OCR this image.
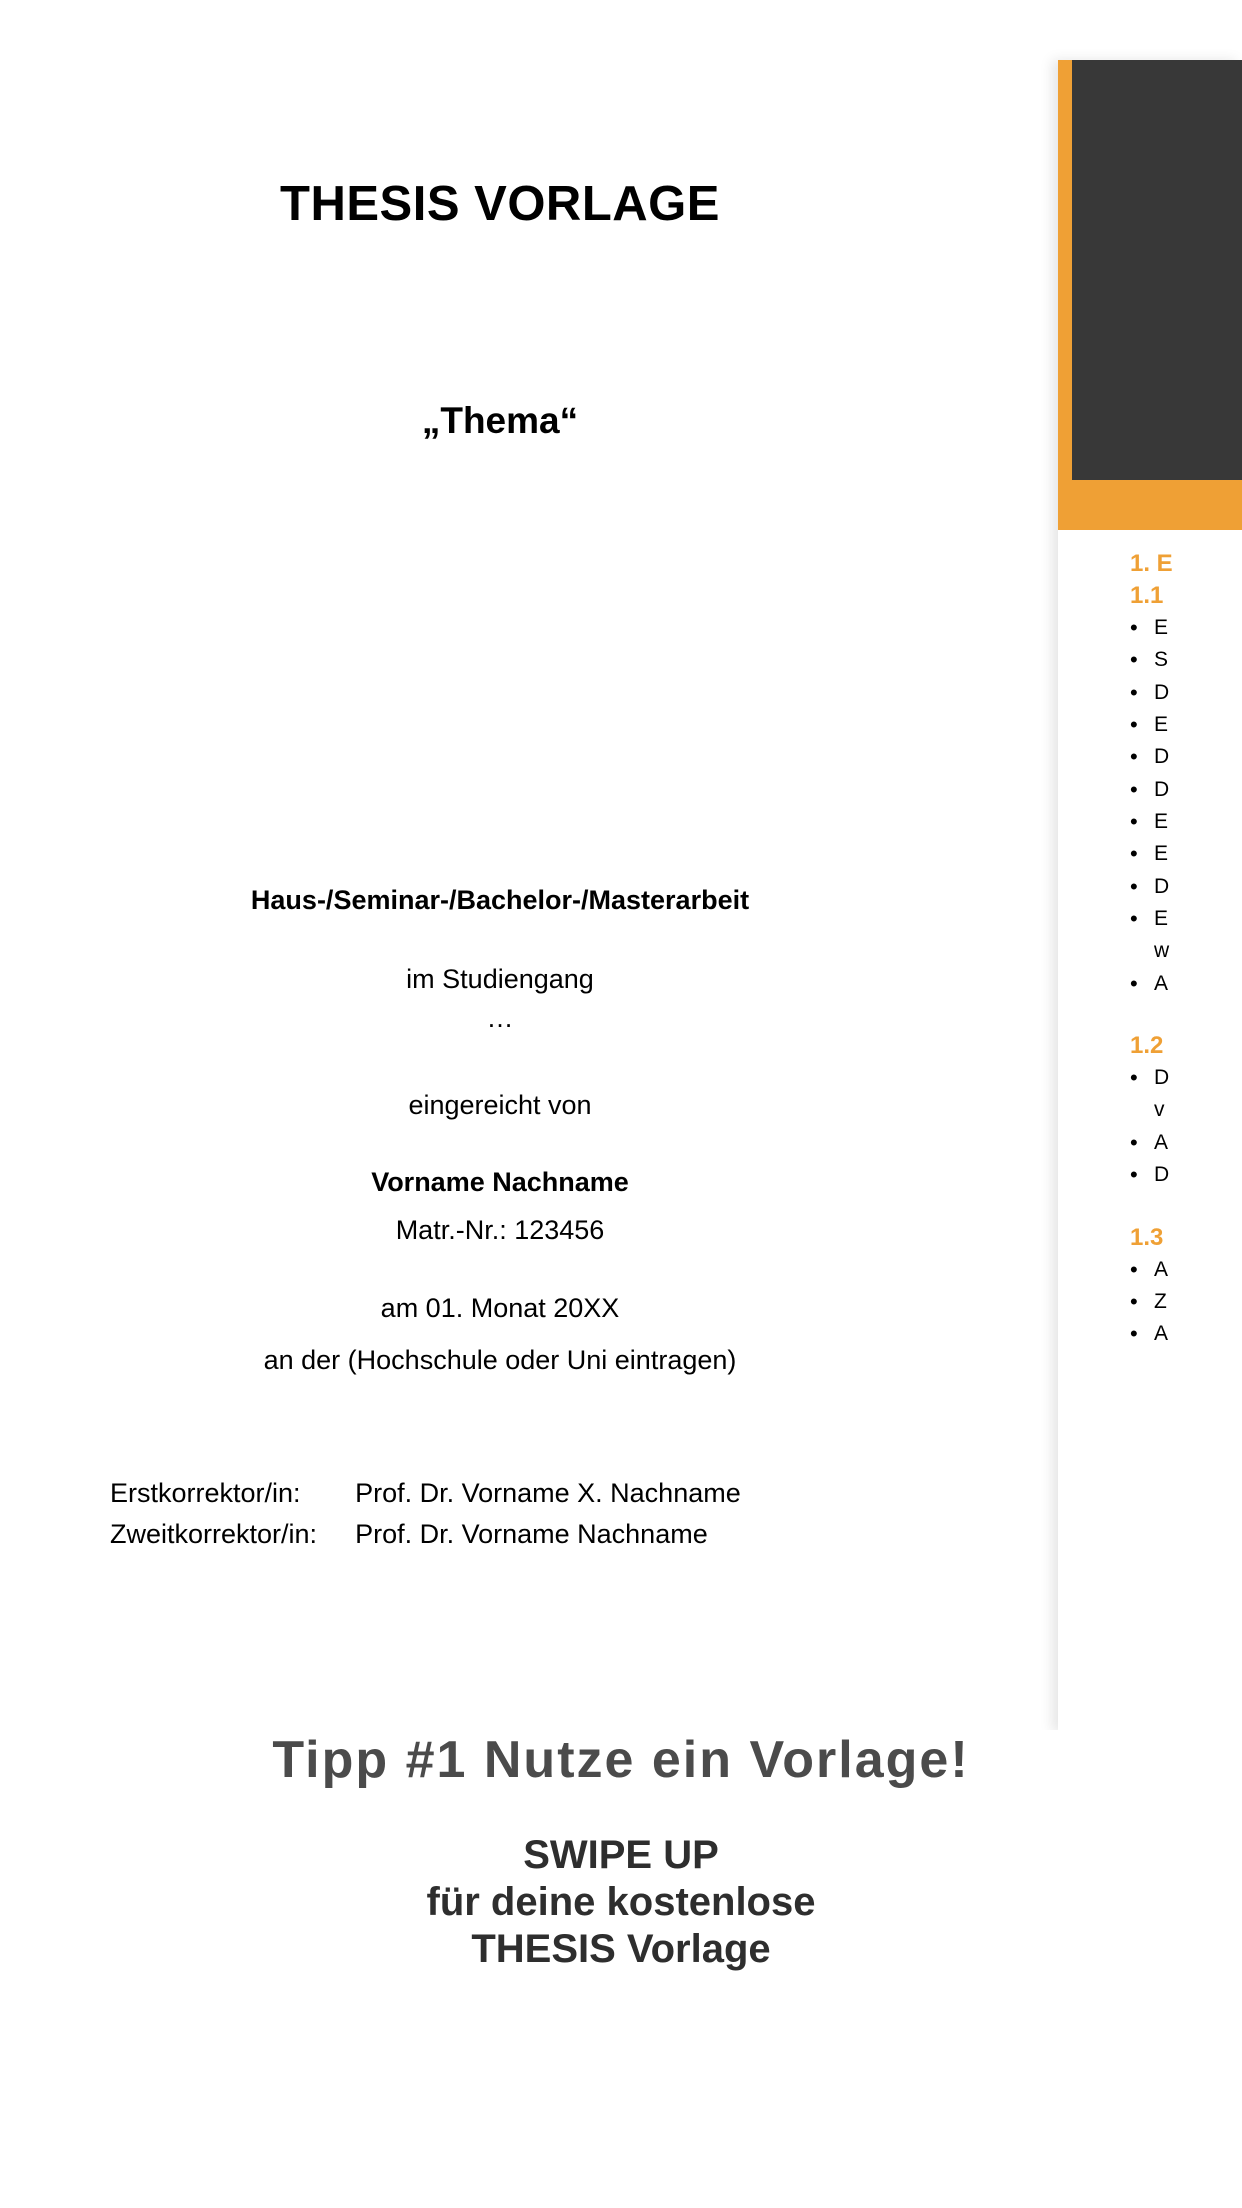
THESIS VORLAGE
„Thema“
Haus-/Seminar-/Bachelor-/Masterarbeit
im Studiengang
…
eingereicht von
Vorname Nachname
Matr.-Nr.: 123456
am 01. Monat 20XX
an der (Hochschule oder Uni eintragen)
Erstkorrektor/in:	Prof. Dr. Vorname X. Nachname
Zweitkorrektor/in:	Prof. Dr. Vorname Nachname
1. E
1.1
• E
• S
• D
• E
• D
• D
• E
• E
• D
• E
w
• A
1.2
• D
v
• A
• D
1.3
• A
• Z
• A
Tipp #1 Nutze ein Vorlage!
SWIPE UP
für deine kostenlose
THESIS Vorlage
